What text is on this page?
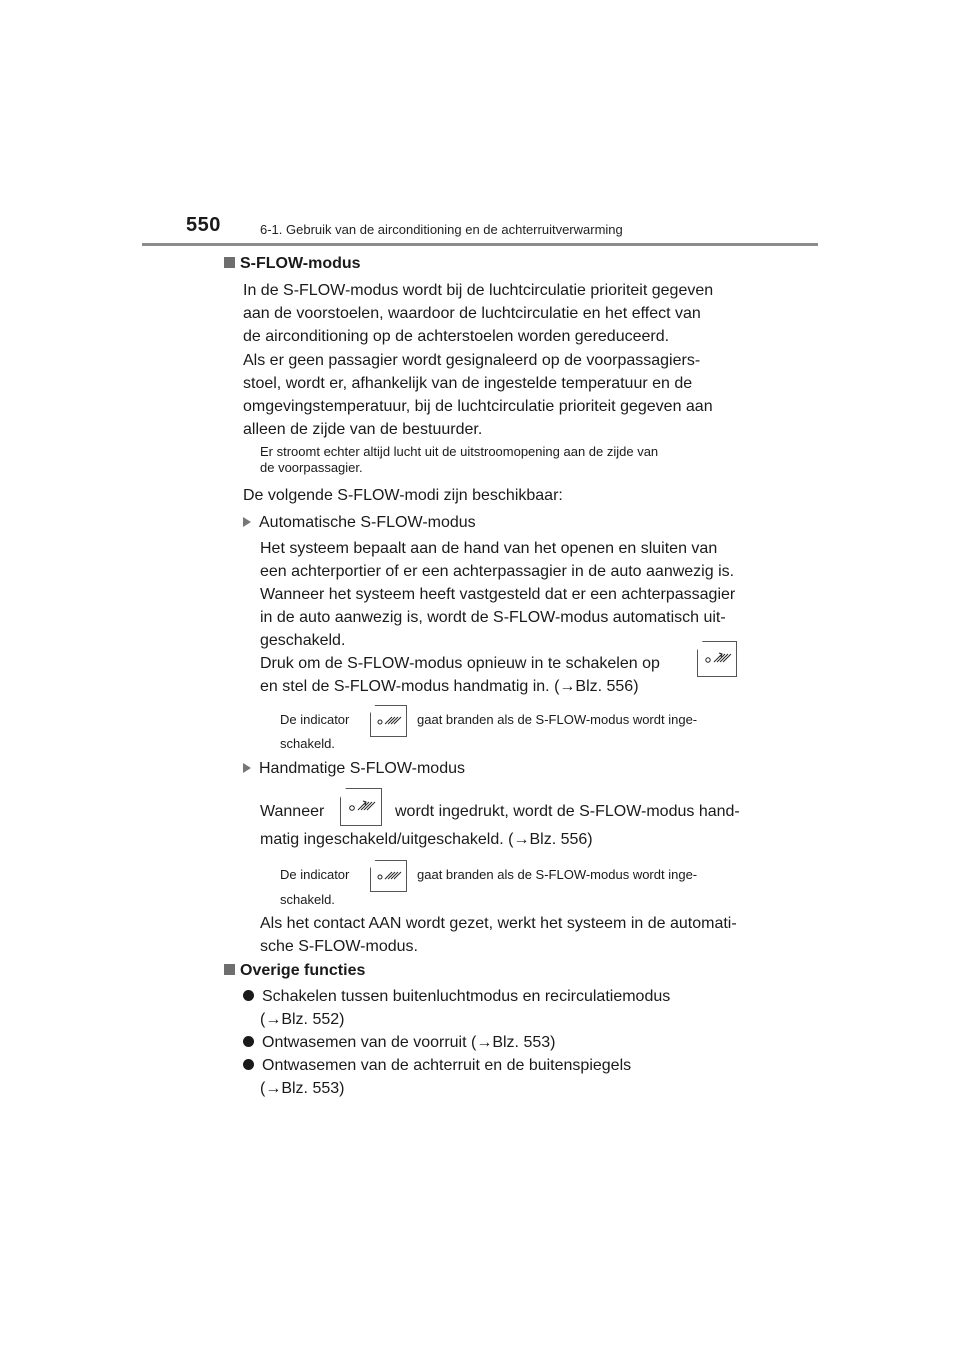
550	6-1. Gebruik van de airconditioning en de achterruitverwarming
S-FLOW-modus
In de S-FLOW-modus wordt bij de luchtcirculatie prioriteit gegeven
aan de voorstoelen, waardoor de luchtcirculatie en het effect van
de airconditioning op de achterstoelen worden gereduceerd.
Als er geen passagier wordt gesignaleerd op de voorpassagiers-
stoel, wordt er, afhankelijk van de ingestelde temperatuur en de
omgevingstemperatuur, bij de luchtcirculatie prioriteit gegeven aan
alleen de zijde van de bestuurder.
Er stroomt echter altijd lucht uit de uitstroomopening aan de zijde van
de voorpassagier.
De volgende S-FLOW-modi zijn beschikbaar:
Automatische S-FLOW-modus
Het systeem bepaalt aan de hand van het openen en sluiten van
een achterportier of er een achterpassagier in de auto aanwezig is.
Wanneer het systeem heeft vastgesteld dat er een achterpassagier
in de auto aanwezig is, wordt de S-FLOW-modus automatisch uit-
geschakeld.
Druk om de S-FLOW-modus opnieuw in te schakelen op
en stel de S-FLOW-modus handmatig in. (→Blz. 556)
De indicator	gaat branden als de S-FLOW-modus wordt inge-
schakeld.
Handmatige S-FLOW-modus
Wanneer	wordt ingedrukt, wordt de S-FLOW-modus hand-
matig ingeschakeld/uitgeschakeld. (→Blz. 556)
De indicator	gaat branden als de S-FLOW-modus wordt inge-
schakeld.
Als het contact AAN wordt gezet, werkt het systeem in de automati-
sche S-FLOW-modus.
Overige functies
Schakelen tussen buitenluchtmodus en recirculatiemodus
(→Blz. 552)
Ontwasemen van de voorruit (→Blz. 553)
Ontwasemen van de achterruit en de buitenspiegels
(→Blz. 553)
